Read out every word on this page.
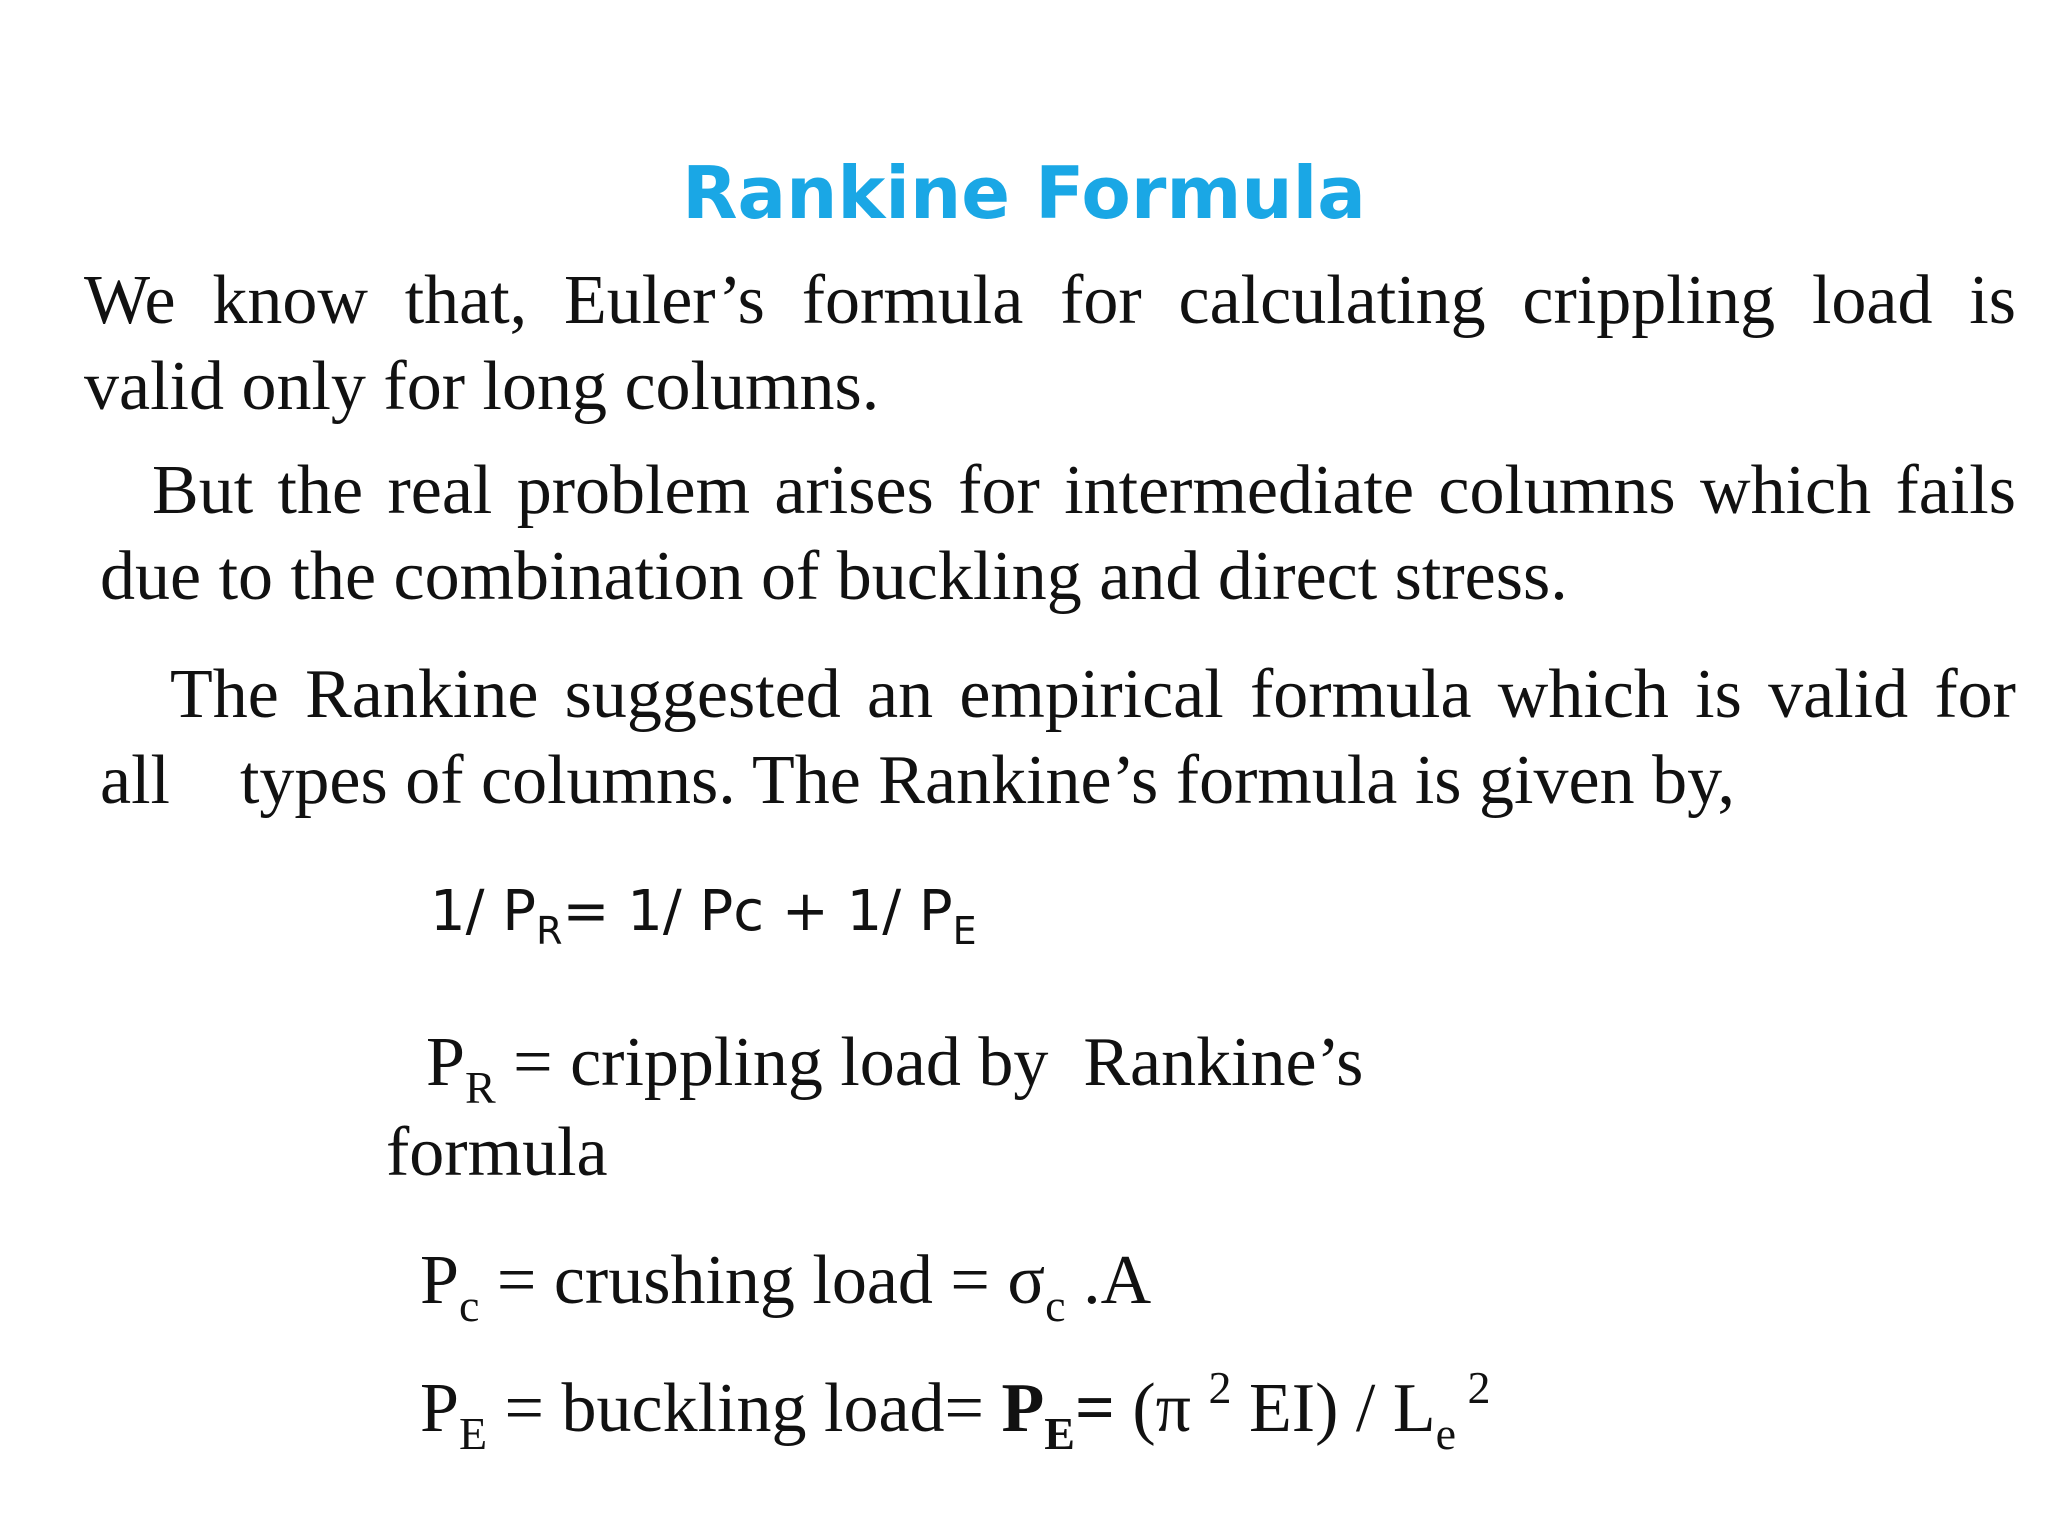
Rankine Formula
We know that, Euler’s formula for calculating crippling load is
valid only for long columns.
But the real problem arises for intermediate columns which fails
due to the combination of buckling and direct stress.
The Rankine suggested an empirical formula which is valid for
all    types of columns. The Rankine’s formula is given by,
1/ $P_R= 1/$ Pc + 1/ $P_E$
$P_R$ = crippling load by  Rankine’s
formula
$P_c$ = crushing load = $\sigma_c$ .A
$P_E$ = buckling load= $P_E= (\pi$ $^2$ $EI) / L_e$ $^2$
